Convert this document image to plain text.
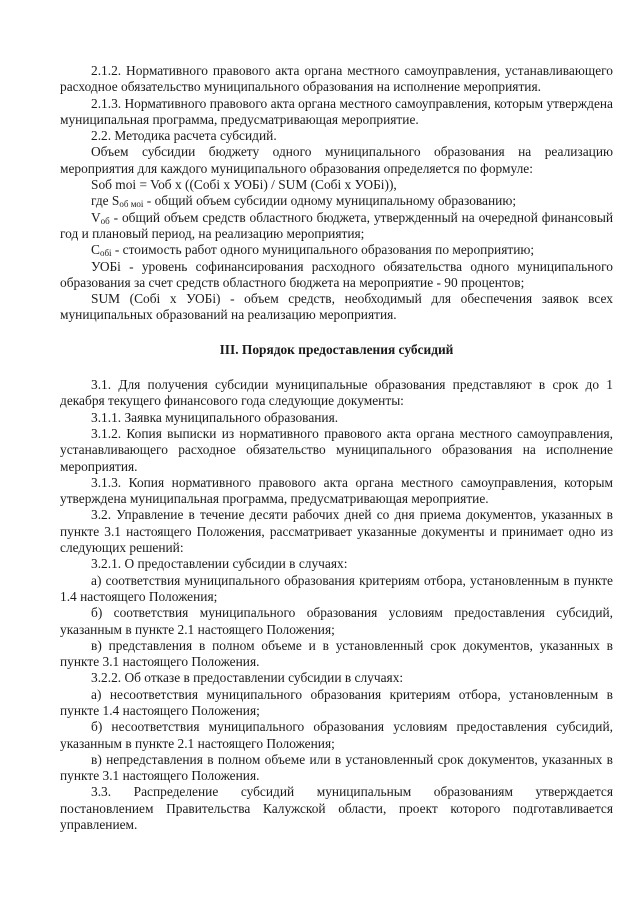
2.1.2. Нормативного правового акта органа местного самоуправления, устанавливающего расходное обязательство муниципального образования на исполнение мероприятия.

2.1.3. Нормативного правового акта органа местного самоуправления, которым утверждена муниципальная программа, предусматривающая мероприятие.

2.2. Методика расчета субсидий.

Объем субсидии бюджету одного муниципального образования на реализацию мероприятия для каждого муниципального образования определяется по формуле:

Soб moi = Voб x ((Cобi x УОБi) / SUM (Cобi x УОБi)),

где $S_{об моi}$ - общий объем субсидии одному муниципальному образованию;

$V_{об}$ - общий объем средств областного бюджета, утвержденный на очередной финансовый год и плановый период, на реализацию мероприятия;

$C_{обi}$ - стоимость работ одного муниципального образования по мероприятию;

УОБi - уровень софинансирования расходного обязательства одного муниципального образования за счет средств областного бюджета на мероприятие - 90 процентов;

SUM (Cобi x УОБi) - объем средств, необходимый для обеспечения заявок всех муниципальных образований на реализацию мероприятия.

III. Порядок предоставления субсидий

3.1. Для получения субсидии муниципальные образования представляют в срок до 1 декабря текущего финансового года следующие документы:

3.1.1. Заявка муниципального образования.

3.1.2. Копия выписки из нормативного правового акта органа местного самоуправления, устанавливающего расходное обязательство муниципального образования на исполнение мероприятия.

3.1.3. Копия нормативного правового акта органа местного самоуправления, которым утверждена муниципальная программа, предусматривающая мероприятие.

3.2. Управление в течение десяти рабочих дней со дня приема документов, указанных в пункте 3.1 настоящего Положения, рассматривает указанные документы и принимает одно из следующих решений:

3.2.1. О предоставлении субсидии в случаях:

а) соответствия муниципального образования критериям отбора, установленным в пункте 1.4 настоящего Положения;

б) соответствия муниципального образования условиям предоставления субсидий, указанным в пункте 2.1 настоящего Положения;

в) представления в полном объеме и в установленный срок документов, указанных в пункте 3.1 настоящего Положения.

3.2.2. Об отказе в предоставлении субсидии в случаях:

а) несоответствия муниципального образования критериям отбора, установленным в пункте 1.4 настоящего Положения;

б) несоответствия муниципального образования условиям предоставления субсидий, указанным в пункте 2.1 настоящего Положения;

в) непредставления в полном объеме или в установленный срок документов, указанных в пункте 3.1 настоящего Положения.

3.3. Распределение субсидий муниципальным образованиям утверждается постановлением Правительства Калужской области, проект которого подготавливается управлением.
